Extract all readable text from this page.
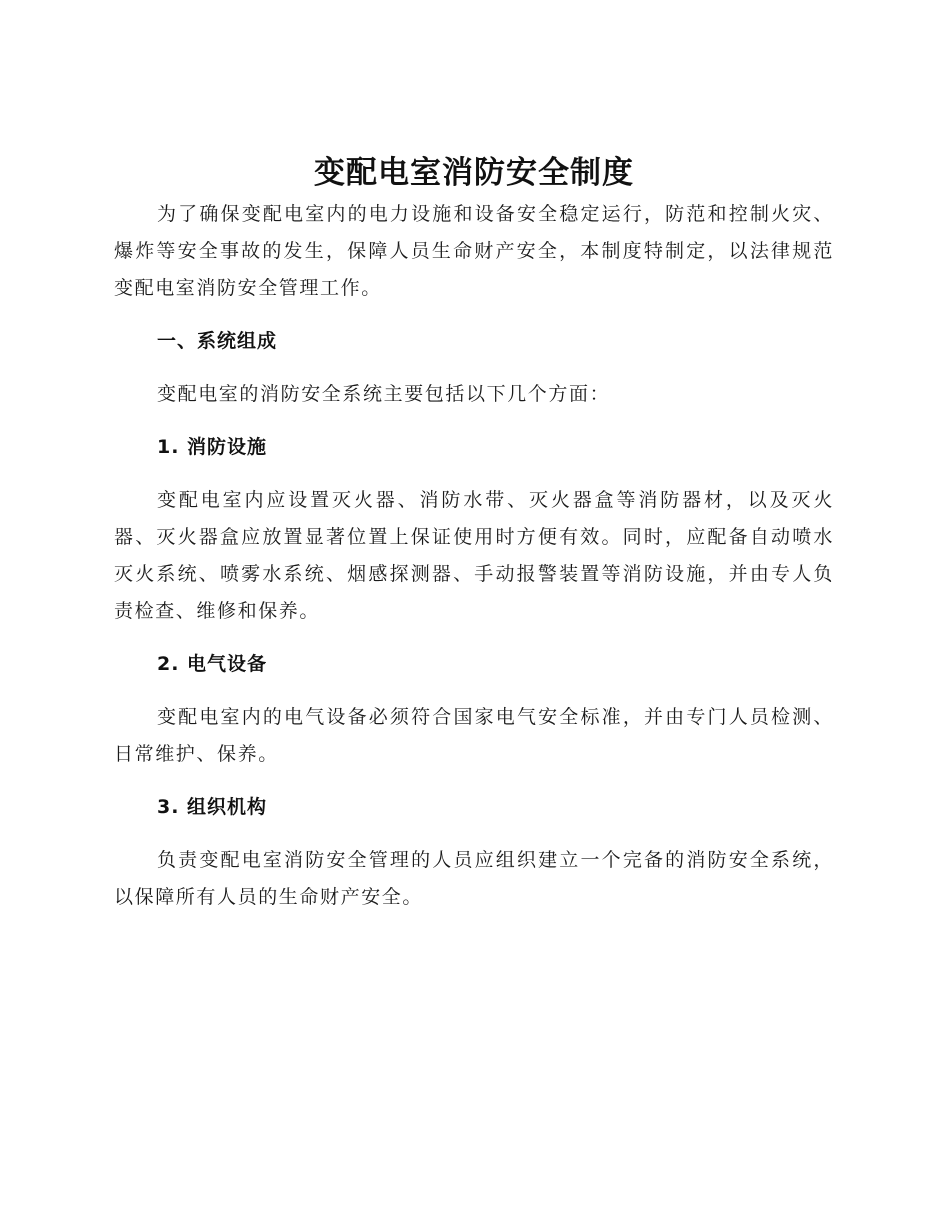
变配电室消防安全制度

为了确保变配电室内的电力设施和设备安全稳定运行，防范和控制火灾、爆炸等安全事故的发生，保障人员生命财产安全，本制度特制定，以法律规范变配电室消防安全管理工作。

一、系统组成

变配电室的消防安全系统主要包括以下几个方面：

1. 消防设施

变配电室内应设置灭火器、消防水带、灭火器盒等消防器材，以及灭火器、灭火器盒应放置显著位置上保证使用时方便有效。同时，应配备自动喷水灭火系统、喷雾水系统、烟感探测器、手动报警装置等消防设施，并由专人负责检查、维修和保养。

2. 电气设备

变配电室内的电气设备必须符合国家电气安全标准，并由专门人员检测、日常维护、保养。

3. 组织机构

负责变配电室消防安全管理的人员应组织建立一个完备的消防安全系统，以保障所有人员的生命财产安全。
